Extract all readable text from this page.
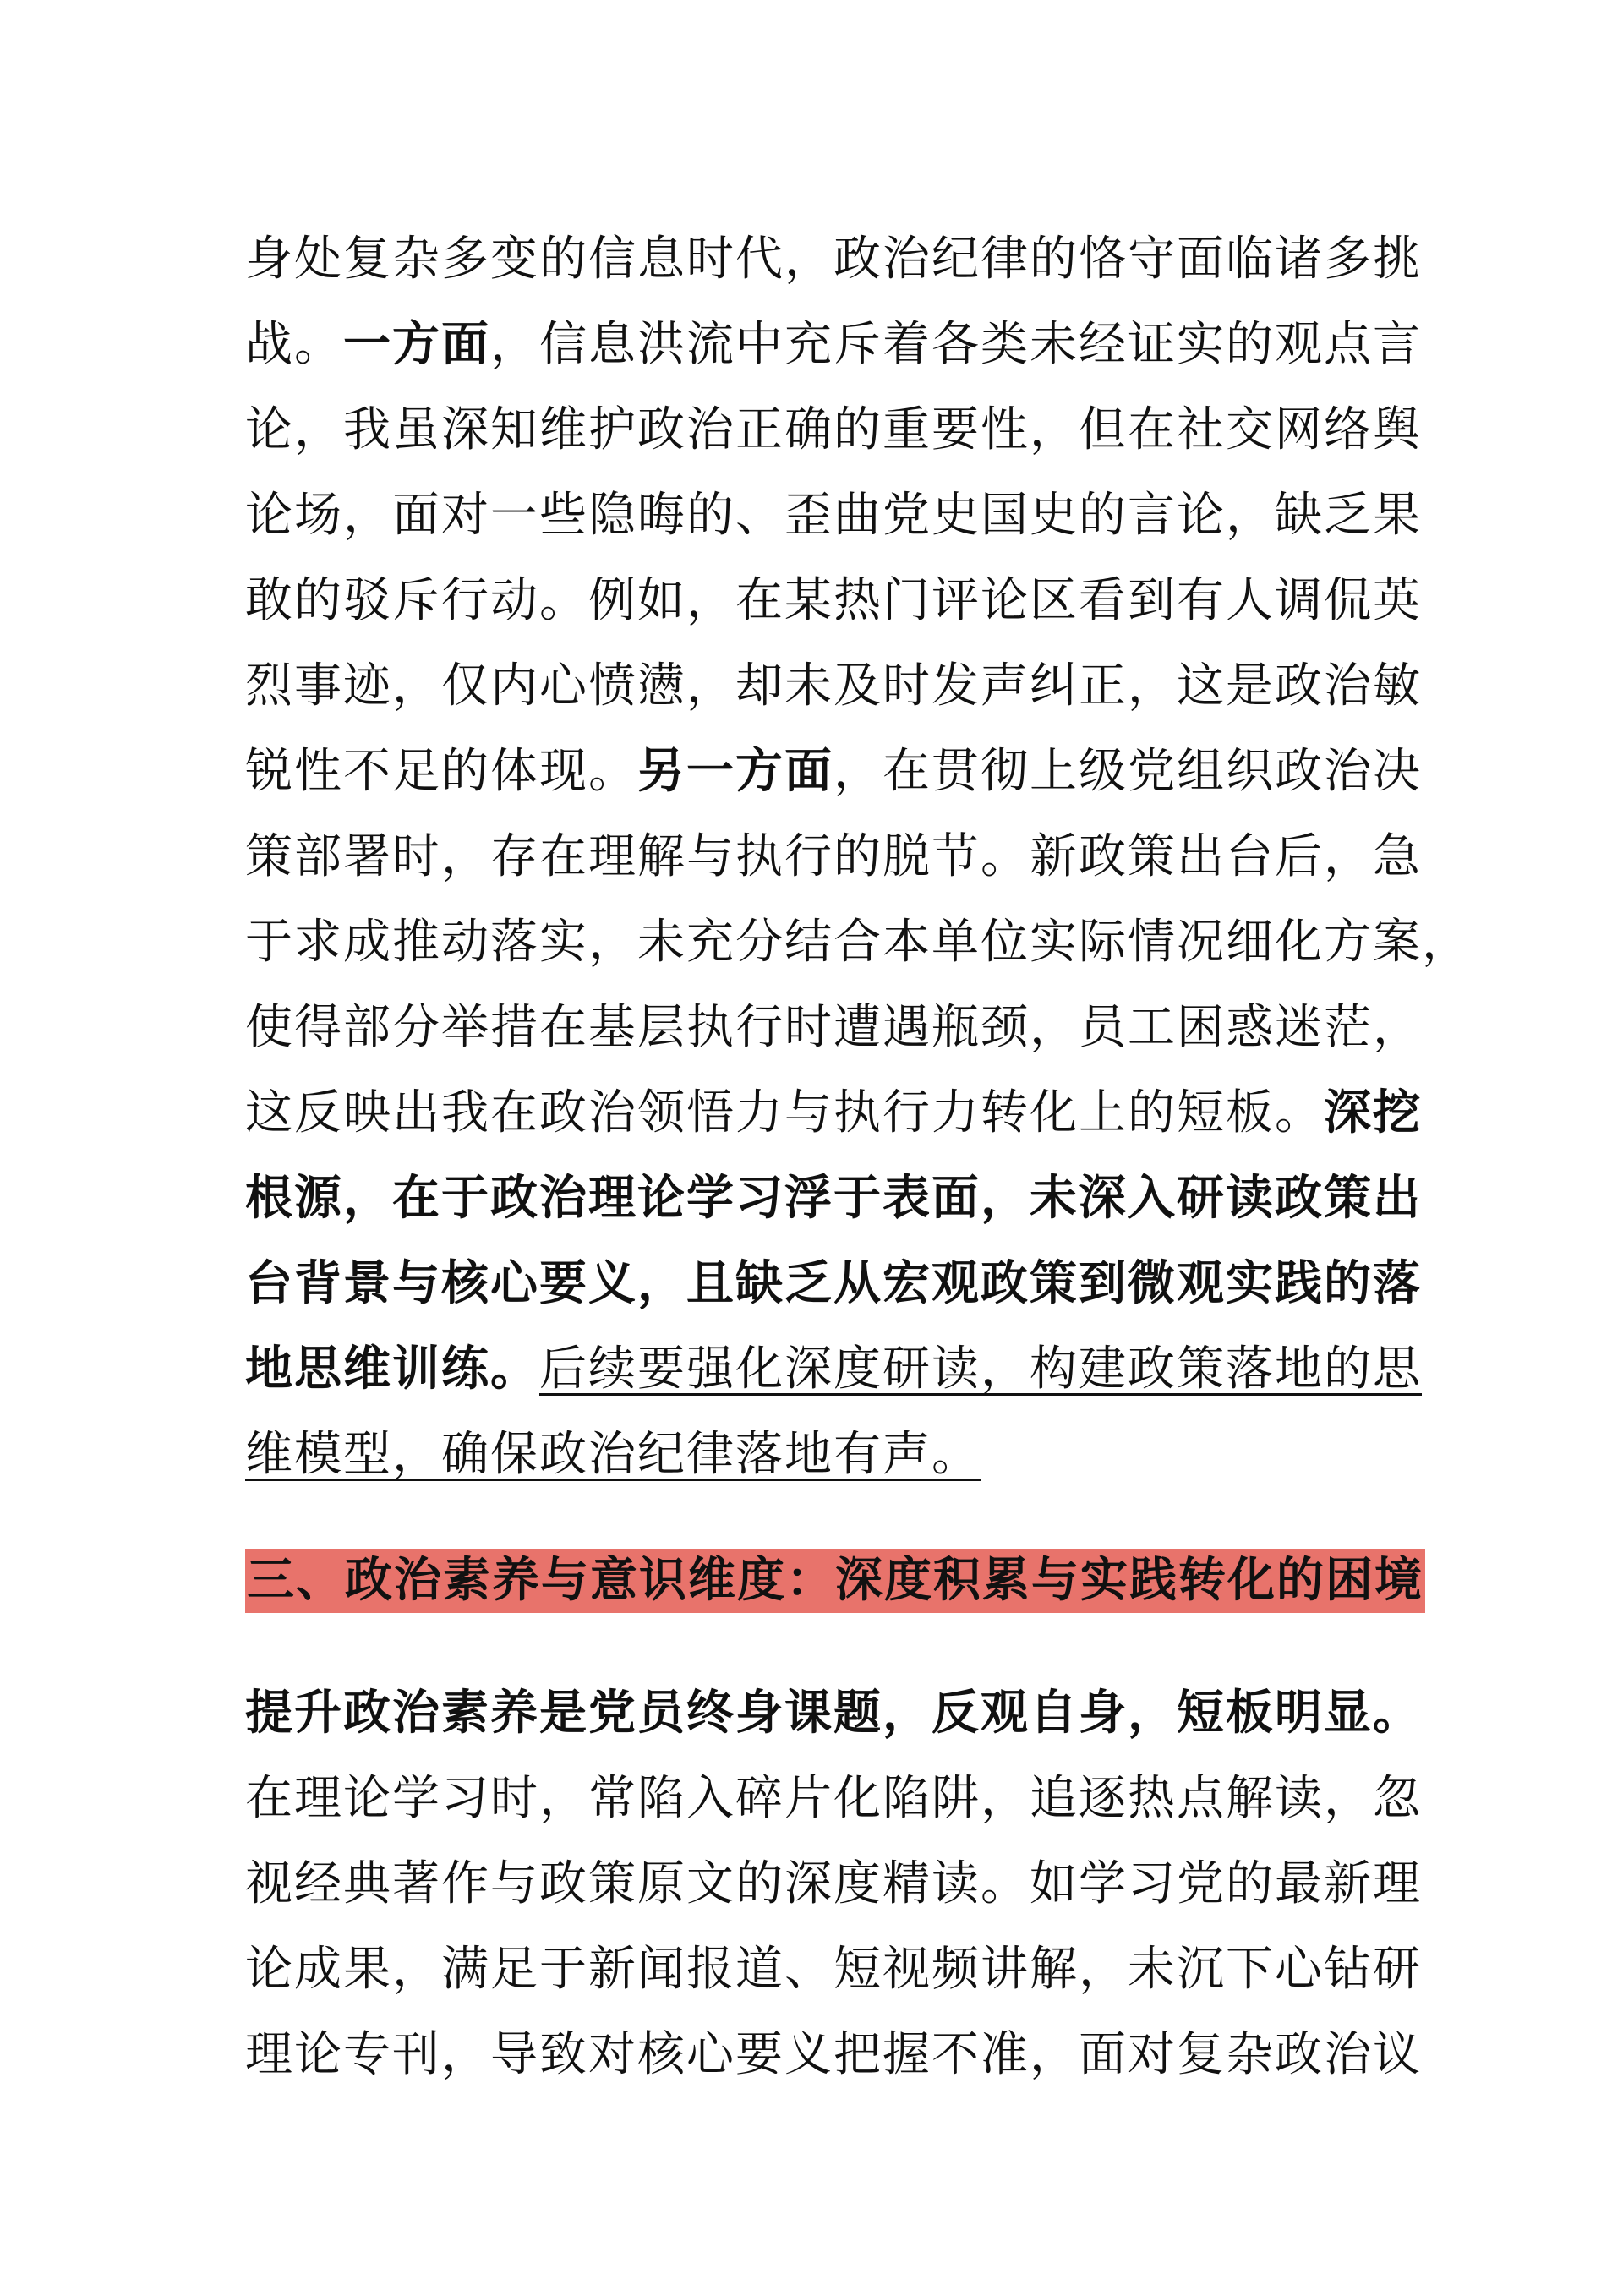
身处复杂多变的信息时代，政治纪律的恪守面临诸多挑
战。一方面，信息洪流中充斥着各类未经证实的观点言
论，我虽深知维护政治正确的重要性，但在社交网络舆
论场，面对一些隐晦的、歪曲党史国史的言论，缺乏果
敢的驳斥行动。例如，在某热门评论区看到有人调侃英
烈事迹，仅内心愤懑，却未及时发声纠正，这是政治敏
锐性不足的体现。另一方面，在贯彻上级党组织政治决
策部署时，存在理解与执行的脱节。新政策出台后，急
于求成推动落实，未充分结合本单位实际情况细化方案，
使得部分举措在基层执行时遭遇瓶颈，员工困惑迷茫，
这反映出我在政治领悟力与执行力转化上的短板。深挖
根源，在于政治理论学习浮于表面，未深入研读政策出
台背景与核心要义，且缺乏从宏观政策到微观实践的落
地思维训练。后续要强化深度研读，构建政策落地的思
维模型，确保政治纪律落地有声。
三、政治素养与意识维度：深度积累与实践转化的困境
提升政治素养是党员终身课题，反观自身，短板明显。
在理论学习时，常陷入碎片化陷阱，追逐热点解读，忽
视经典著作与政策原文的深度精读。如学习党的最新理
论成果，满足于新闻报道、短视频讲解，未沉下心钻研
理论专刊，导致对核心要义把握不准，面对复杂政治议
